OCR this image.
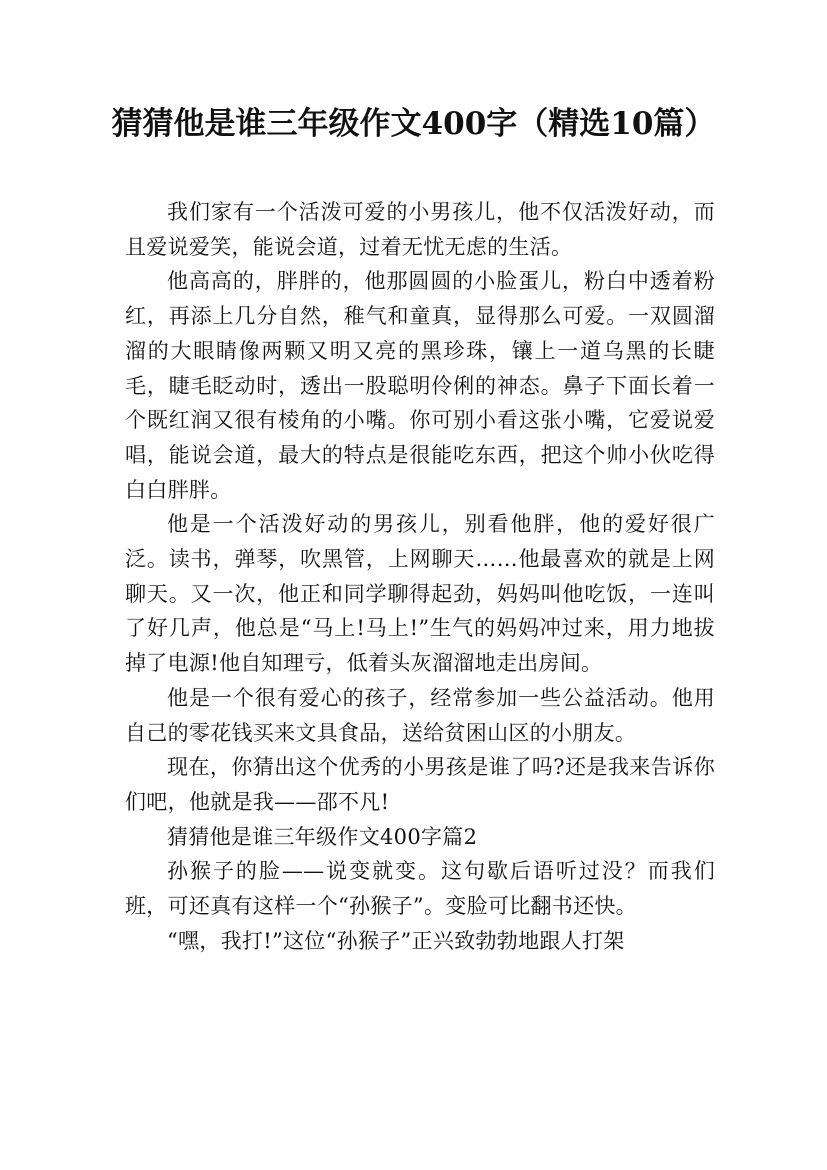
猜猜他是谁三年级作文400字（精选10篇）

我们家有一个活泼可爱的小男孩儿，他不仅活泼好动，而且爱说爱笑，能说会道，过着无忧无虑的生活。

他高高的，胖胖的，他那圆圆的小脸蛋儿，粉白中透着粉红，再添上几分自然，稚气和童真，显得那么可爱。一双圆溜溜的大眼睛像两颗又明又亮的黑珍珠，镶上一道乌黑的长睫毛，睫毛眨动时，透出一股聪明伶俐的神态。鼻子下面长着一个既红润又很有棱角的小嘴。你可别小看这张小嘴，它爱说爱唱，能说会道，最大的特点是很能吃东西，把这个帅小伙吃得白白胖胖。

他是一个活泼好动的男孩儿，别看他胖，他的爱好很广泛。读书，弹琴，吹黑管，上网聊天……他最喜欢的就是上网聊天。又一次，他正和同学聊得起劲，妈妈叫他吃饭，一连叫了好几声，他总是“马上!马上!”生气的妈妈冲过来，用力地拔掉了电源!他自知理亏，低着头灰溜溜地走出房间。

他是一个很有爱心的孩子，经常参加一些公益活动。他用自己的零花钱买来文具食品，送给贫困山区的小朋友。

现在，你猜出这个优秀的小男孩是谁了吗?还是我来告诉你们吧，他就是我——邵不凡!

猜猜他是谁三年级作文400字篇2

孙猴子的脸——说变就变。这句歇后语听过没？而我们班，可还真有这样一个“孙猴子”。变脸可比翻书还快。

“嘿，我打!”这位“孙猴子”正兴致勃勃地跟人打架
